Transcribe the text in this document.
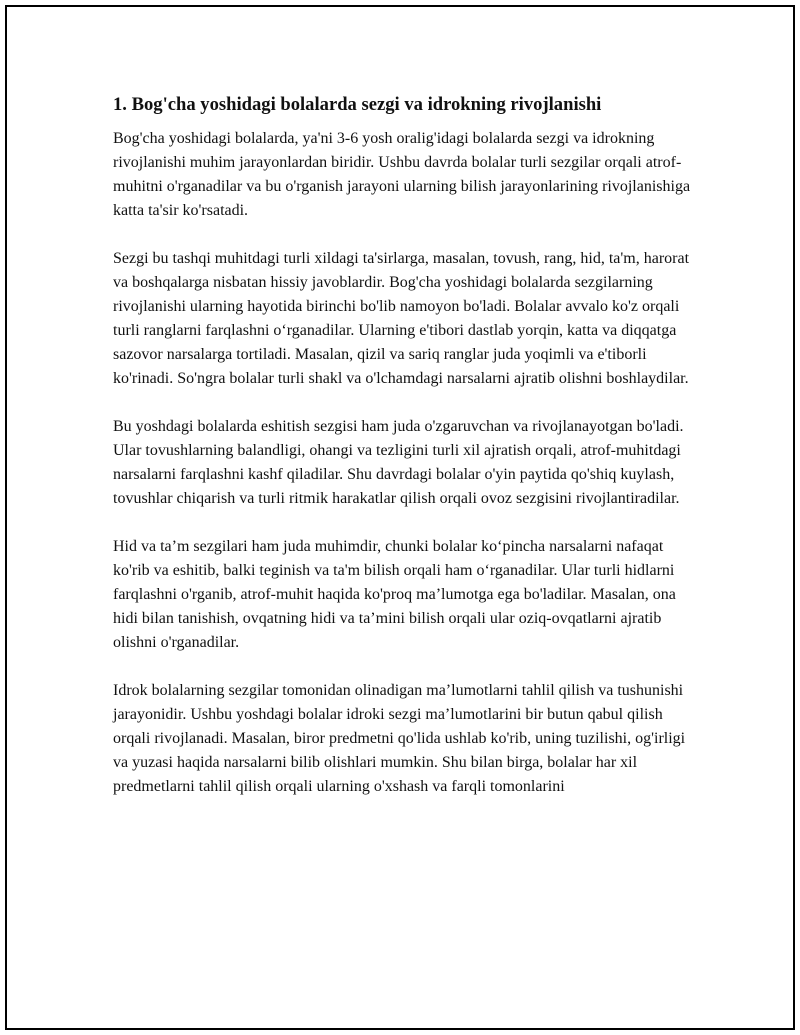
1. Bog'cha yoshidagi bolalarda sezgi va idrokning rivojlanishi

Bog'cha yoshidagi bolalarda, ya'ni 3-6 yosh oralig'idagi bolalarda sezgi va idrokning rivojlanishi muhim jarayonlardan biridir. Ushbu davrda bolalar turli sezgilar orqali atrof-muhitni o'rganadilar va bu o'rganish jarayoni ularning bilish jarayonlarining rivojlanishiga katta ta'sir ko'rsatadi.

Sezgi bu tashqi muhitdagi turli xildagi ta'sirlarga, masalan, tovush, rang, hid, ta'm, harorat va boshqalarga nisbatan hissiy javoblardir. Bog'cha yoshidagi bolalarda sezgilarning rivojlanishi ularning hayotida birinchi bo'lib namoyon bo'ladi. Bolalar avvalo ko'z orqali turli ranglarni farqlashni o‘rganadilar. Ularning e'tibori dastlab yorqin, katta va diqqatga sazovor narsalarga tortiladi. Masalan, qizil va sariq ranglar juda yoqimli va e'tiborli ko'rinadi. So'ngra bolalar turli shakl va o'lchamdagi narsalarni ajratib olishni boshlaydilar.

Bu yoshdagi bolalarda eshitish sezgisi ham juda o'zgaruvchan va rivojlanayotgan bo'ladi. Ular tovushlarning balandligi, ohangi va tezligini turli xil ajratish orqali, atrof-muhitdagi narsalarni farqlashni kashf qiladilar. Shu davrdagi bolalar o'yin paytida qo'shiq kuylash, tovushlar chiqarish va turli ritmik harakatlar qilish orqali ovoz sezgisini rivojlantiradilar.

Hid va ta’m sezgilari ham juda muhimdir, chunki bolalar ko‘pincha narsalarni nafaqat ko'rib va eshitib, balki teginish va ta'm bilish orqali ham o‘rganadilar. Ular turli hidlarni farqlashni o'rganib, atrof-muhit haqida ko'proq ma’lumotga ega bo'ladilar. Masalan, ona hidi bilan tanishish, ovqatning hidi va ta’mini bilish orqali ular oziq-ovqatlarni ajratib olishni o'rganadilar.

Idrok bolalarning sezgilar tomonidan olinadigan ma’lumotlarni tahlil qilish va tushunishi jarayonidir. Ushbu yoshdagi bolalar idroki sezgi ma’lumotlarini bir butun qabul qilish orqali rivojlanadi. Masalan, biror predmetni qo'lida ushlab ko'rib, uning tuzilishi, og'irligi va yuzasi haqida narsalarni bilib olishlari mumkin. Shu bilan birga, bolalar har xil predmetlarni tahlil qilish orqali ularning o'xshash va farqli tomonlarini
